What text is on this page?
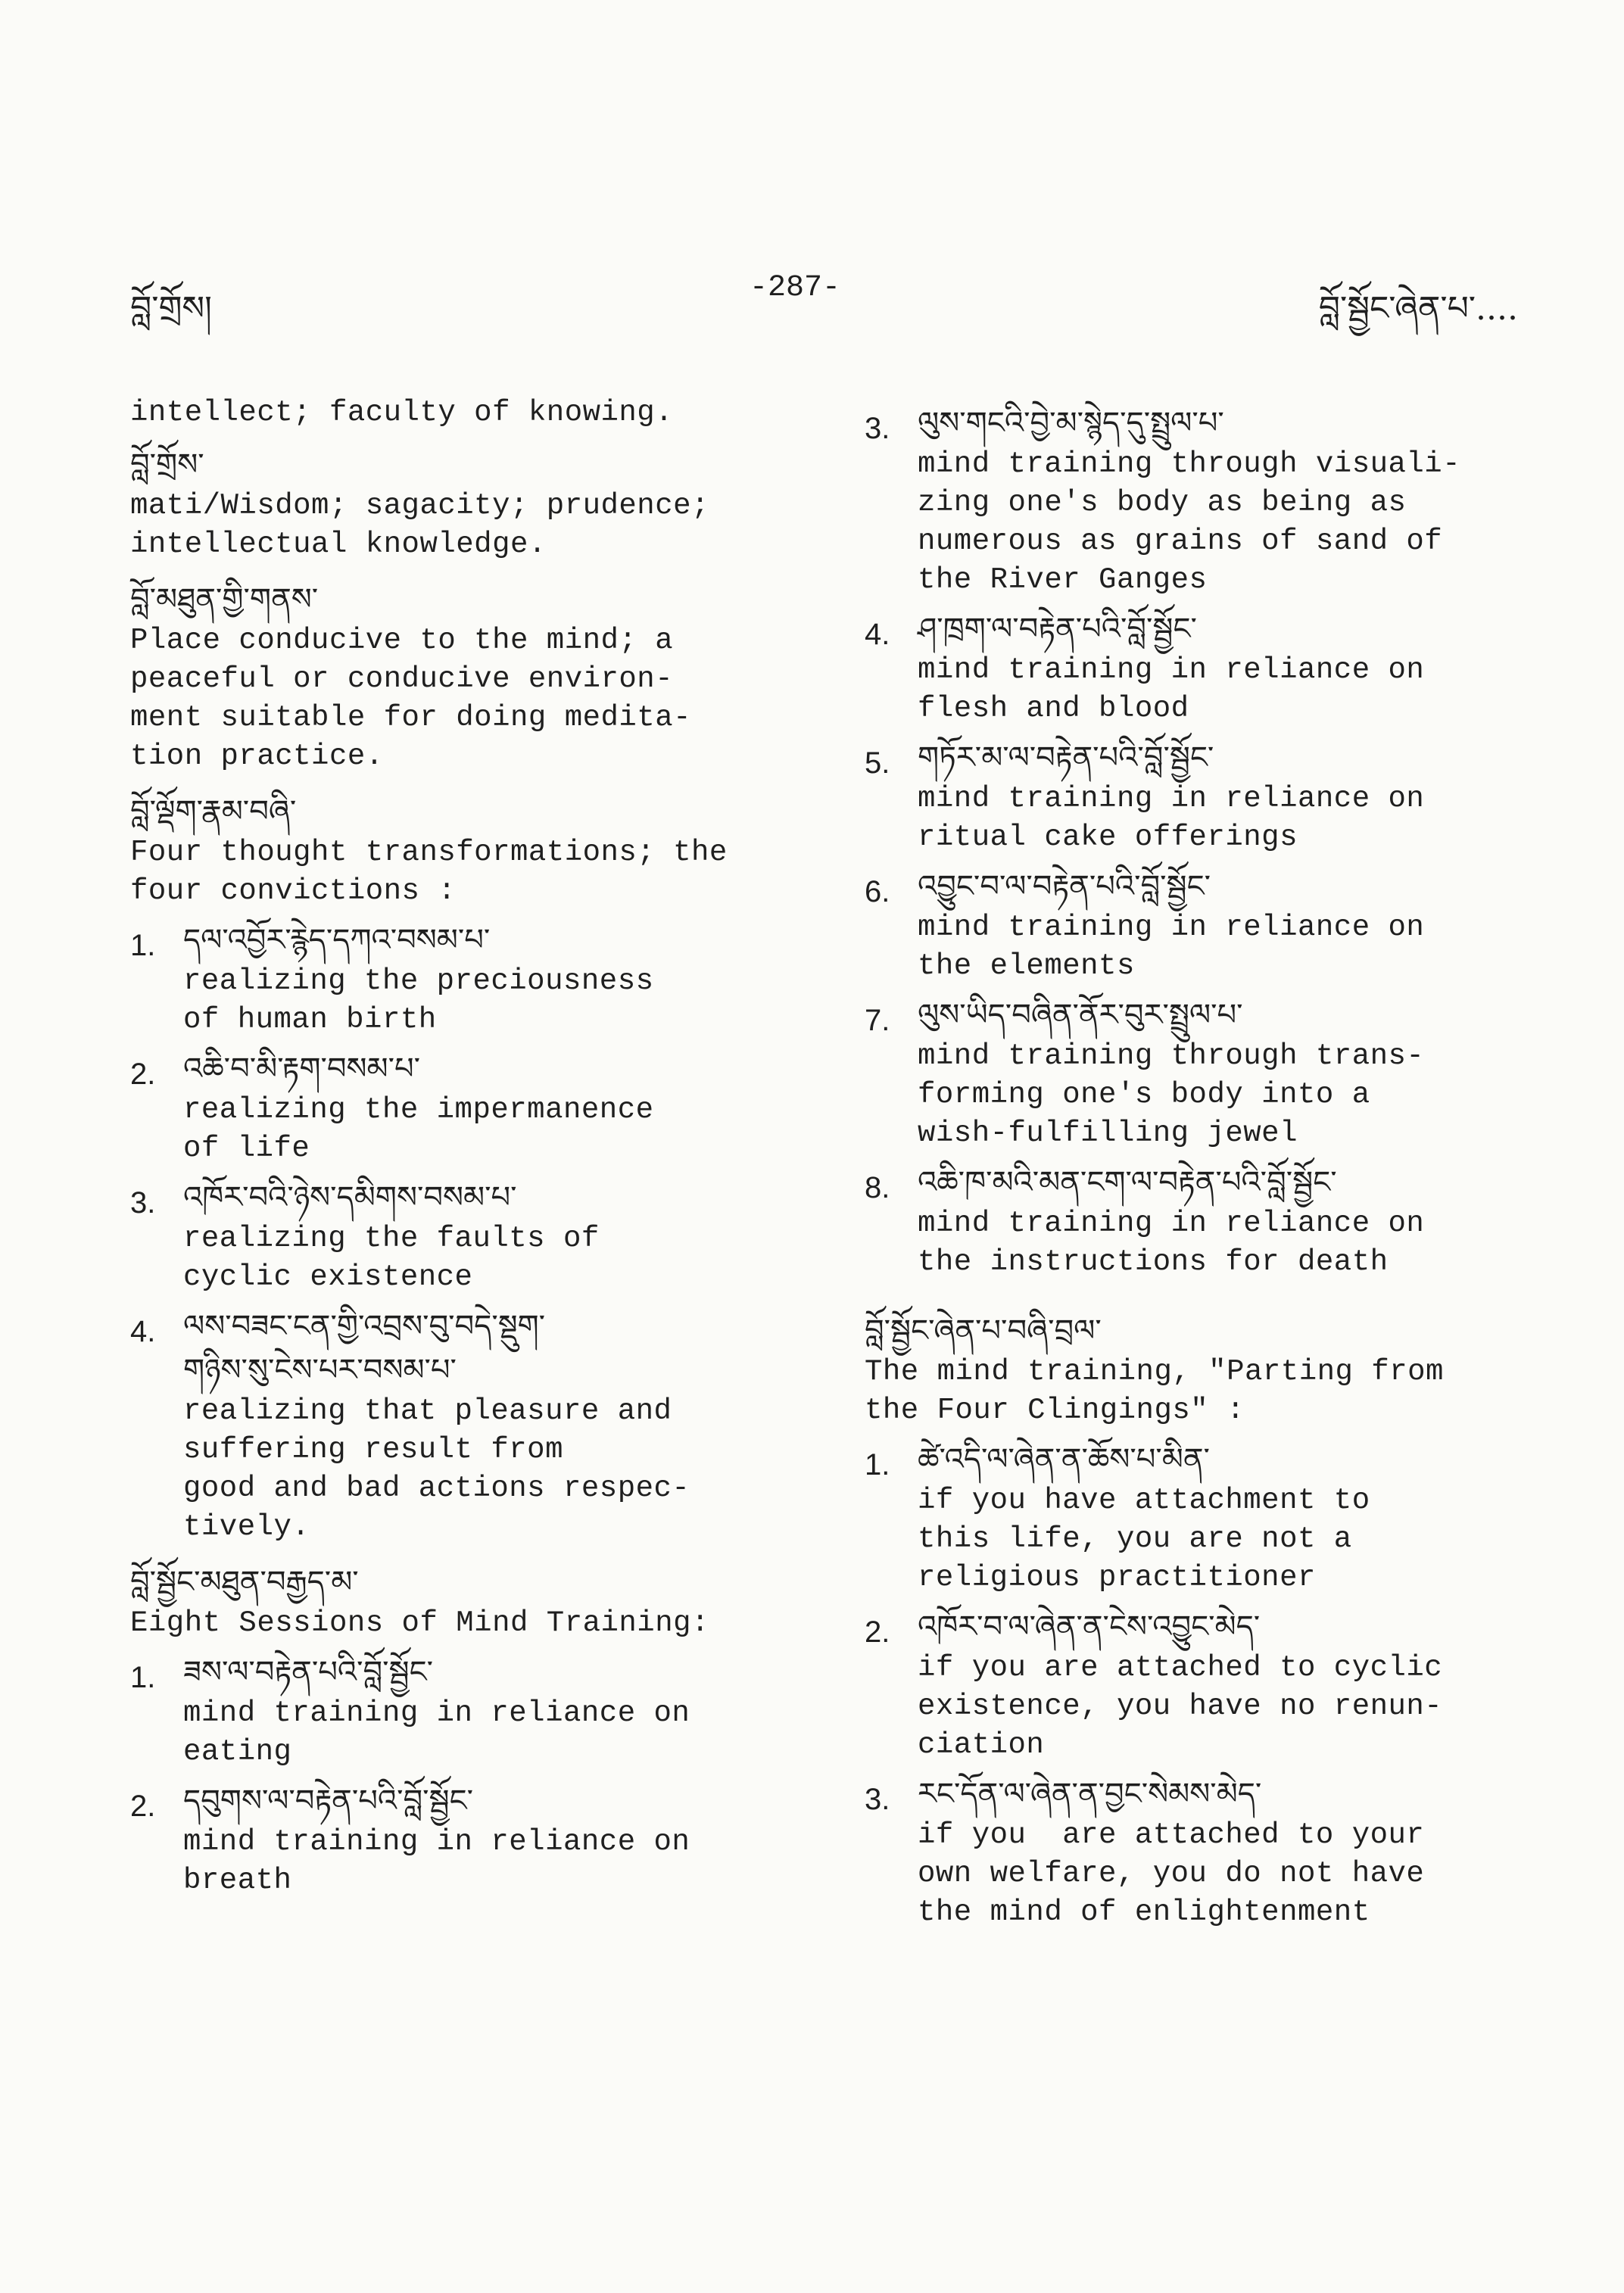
བློ་གྲོས།
-287-
བློ་སྦྱོང་ཞེན་པ་....
intellect; faculty of knowing.
བློ་གྲོས་
mati/Wisdom; sagacity; prudence;
intellectual knowledge.
བློ་མཐུན་གྱི་གནས་
Place conducive to the mind; a
peaceful or conducive environ-
ment suitable for doing medita-
tion practice.
བློ་ལྡོག་རྣམ་བཞི་
Four thought transformations; the
four convictions :
1. དལ་འབྱོར་རྙེད་དཀའ་བསམ་པ་
realizing the preciousness
of human birth
2. འཆི་བ་མི་རྟག་བསམ་པ་
realizing the impermanence
of life
3. འཁོར་བའི་ཉེས་དམིགས་བསམ་པ་
realizing the faults of
cyclic existence
4. ལས་བཟང་ངན་གྱི་འབྲས་བུ་བདེ་སྡུག་
གཉིས་སུ་ངེས་པར་བསམ་པ་
realizing that pleasure and
suffering result from
good and bad actions respec-
tively.
བློ་སྦྱོང་མཐུན་བརྒྱད་མ་
Eight Sessions of Mind Training:
1. ཟས་ལ་བརྟེན་པའི་བློ་སྦྱོང་
mind training in reliance on
eating
2. དབུགས་ལ་བརྟེན་པའི་བློ་སྦྱོང་
mind training in reliance on
breath
3. ལུས་གངའི་བྱེ་མ་སྙེད་དུ་སྤྲུལ་པ་
mind training through visuali-
zing one's body as being as
numerous as grains of sand of
the River Ganges
4. ཤ་ཁྲག་ལ་བརྟེན་པའི་བློ་སྦྱོང་
mind training in reliance on
flesh and blood
5. གཏོར་མ་ལ་བརྟེན་པའི་བློ་སྦྱོང་
mind training in reliance on
ritual cake offerings
6. འབྱུང་བ་ལ་བརྟེན་པའི་བློ་སྦྱོང་
mind training in reliance on
the elements
7. ལུས་ཡིད་བཞིན་ནོར་བུར་སྤྲུལ་པ་
mind training through trans-
forming one's body into a
wish-fulfilling jewel
8. འཆི་ཁ་མའི་མན་ངག་ལ་བརྟེན་པའི་བློ་སྦྱོང་
mind training in reliance on
the instructions for death
བློ་སྦྱོང་ཞེན་པ་བཞི་བྲལ་
The mind training, "Parting from
the Four Clingings" :
1. ཚེ་འདི་ལ་ཞེན་ན་ཆོས་པ་མིན་
if you have attachment to
this life, you are not a
religious practitioner
2. འཁོར་བ་ལ་ཞེན་ན་ངེས་འབྱུང་མེད་
if you are attached to cyclic
existence, you have no renun-
ciation
3. རང་དོན་ལ་ཞེན་ན་བྱང་སེམས་མེད་
if you  are attached to your
own welfare, you do not have
the mind of enlightenment
